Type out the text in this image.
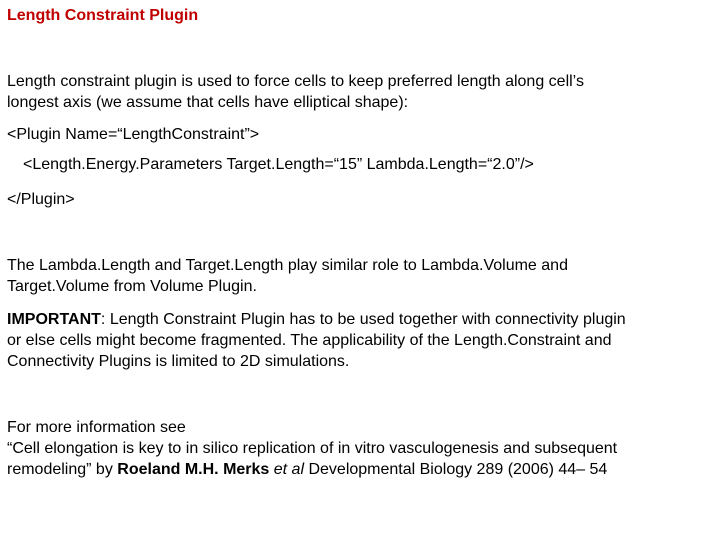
Length Constraint Plugin
Length constraint plugin is used to force cells to keep preferred length along cell’s
longest axis (we assume that cells have elliptical shape):
<Plugin Name=“LengthConstraint”>
<Length.Energy.Parameters Target.Length=“15” Lambda.Length=“2.0”/>
</Plugin>
The Lambda.Length and Target.Length play similar role to Lambda.Volume and
Target.Volume from Volume Plugin.
IMPORTANT: Length Constraint Plugin has to be used together with connectivity plugin
or else cells might become fragmented. The applicability of the Length.Constraint and
Connectivity Plugins is limited to 2D simulations.
For more information see
“Cell elongation is key to in silico replication of in vitro vasculogenesis and subsequent
remodeling” by Roeland M.H. Merks et al Developmental Biology 289 (2006) 44– 54
